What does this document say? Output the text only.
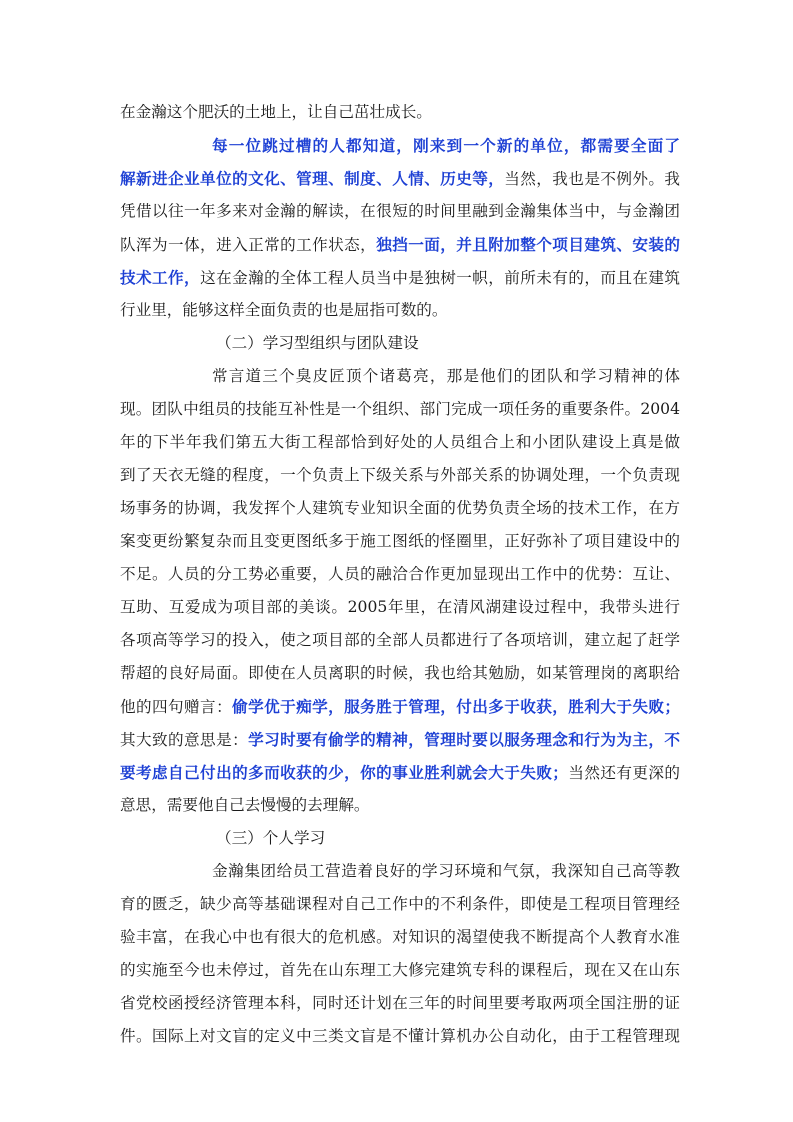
在金瀚这个肥沃的土地上，让自己茁壮成长。
每一位跳过槽的人都知道，刚来到一个新的单位，都需要全面了
解新进企业单位的文化、管理、制度、人情、历史等，当然，我也是不例外。我
凭借以往一年多来对金瀚的解读，在很短的时间里融到金瀚集体当中，与金瀚团
队浑为一体，进入正常的工作状态，独挡一面，并且附加整个项目建筑、安装的
技术工作，这在金瀚的全体工程人员当中是独树一帜，前所未有的，而且在建筑
行业里，能够这样全面负责的也是屈指可数的。
（二）学习型组织与团队建设
常言道三个臭皮匠顶个诸葛亮，那是他们的团队和学习精神的体
现。团队中组员的技能互补性是一个组织、部门完成一项任务的重要条件。2004
年的下半年我们第五大街工程部恰到好处的人员组合上和小团队建设上真是做
到了天衣无缝的程度，一个负责上下级关系与外部关系的协调处理，一个负责现
场事务的协调，我发挥个人建筑专业知识全面的优势负责全场的技术工作，在方
案变更纷繁复杂而且变更图纸多于施工图纸的怪圈里，正好弥补了项目建设中的
不足。人员的分工势必重要，人员的融洽合作更加显现出工作中的优势：互让、
互助、互爱成为项目部的美谈。2005年里，在清风湖建设过程中，我带头进行
各项高等学习的投入，使之项目部的全部人员都进行了各项培训，建立起了赶学
帮超的良好局面。即使在人员离职的时候，我也给其勉励，如某管理岗的离职给
他的四句赠言：偷学优于痴学，服务胜于管理，付出多于收获，胜利大于失败；
其大致的意思是：学习时要有偷学的精神，管理时要以服务理念和行为为主，不
要考虑自己付出的多而收获的少，你的事业胜利就会大于失败；当然还有更深的
意思，需要他自己去慢慢的去理解。
（三）个人学习
金瀚集团给员工营造着良好的学习环境和气氛，我深知自己高等教
育的匮乏，缺少高等基础课程对自己工作中的不利条件，即使是工程项目管理经
验丰富，在我心中也有很大的危机感。对知识的渴望使我不断提高个人教育水准
的实施至今也未停过，首先在山东理工大修完建筑专科的课程后，现在又在山东
省党校函授经济管理本科，同时还计划在三年的时间里要考取两项全国注册的证
件。国际上对文盲的定义中三类文盲是不懂计算机办公自动化，由于工程管理现
